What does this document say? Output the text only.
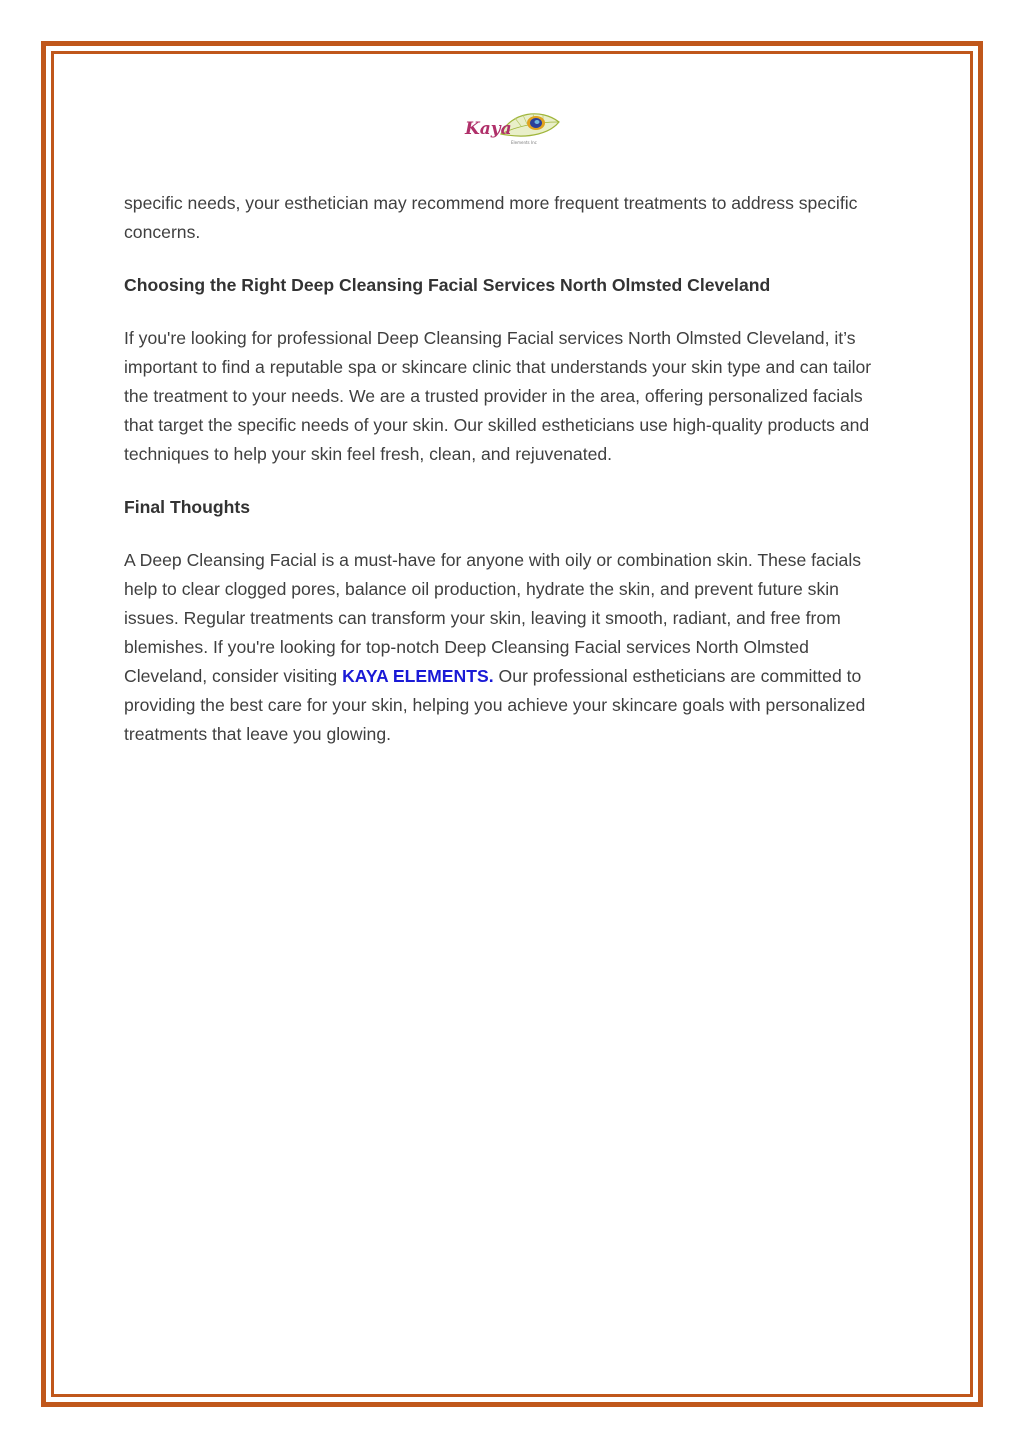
Kaya
Elements Inc

specific needs, your esthetician may recommend more frequent treatments to address specific concerns.

Choosing the Right Deep Cleansing Facial Services North Olmsted Cleveland

If you're looking for professional Deep Cleansing Facial services North Olmsted Cleveland, it’s important to find a reputable spa or skincare clinic that understands your skin type and can tailor the treatment to your needs. We are a trusted provider in the area, offering personalized facials that target the specific needs of your skin. Our skilled estheticians use high-quality products and techniques to help your skin feel fresh, clean, and rejuvenated.

Final Thoughts

A Deep Cleansing Facial is a must-have for anyone with oily or combination skin. These facials help to clear clogged pores, balance oil production, hydrate the skin, and prevent future skin issues. Regular treatments can transform your skin, leaving it smooth, radiant, and free from blemishes. If you're looking for top-notch Deep Cleansing Facial services North Olmsted Cleveland, consider visiting KAYA ELEMENTS. Our professional estheticians are committed to providing the best care for your skin, helping you achieve your skincare goals with personalized treatments that leave you glowing.
